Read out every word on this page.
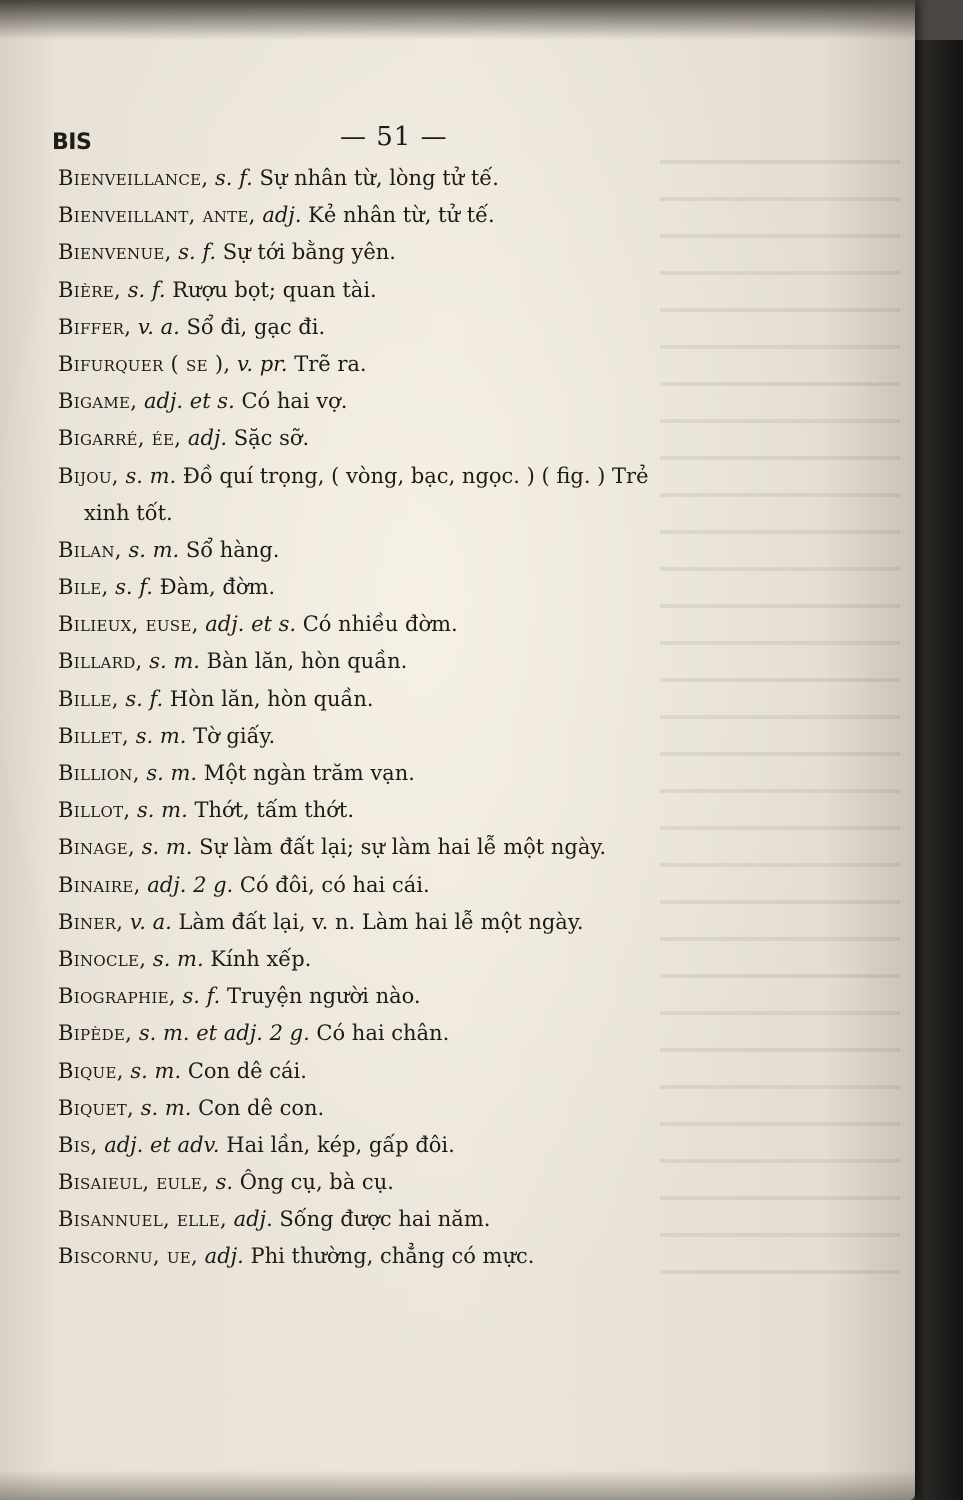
BIS	— 51 —
Bienveillance, s. f. Sự nhân từ, lòng tử tế.
Bienveillant, ante, adj. Kẻ nhân từ, tử tế.
Bienvenue, s. f. Sự tới bằng yên.
Bière, s. f. Rượu bọt; quan tài.
Biffer, v. a. Sổ đi, gạc đi.
Bifurquer ( se ), v. pr. Trẽ ra.
Bigame, adj. et s. Có hai vợ.
Bigarré, ée, adj. Sặc sỡ.
Bijou, s. m. Đồ quí trọng, ( vòng, bạc, ngọc. ) ( fig. ) Trẻ
xinh tốt.
Bilan, s. m. Sổ hàng.
Bile, s. f. Đàm, đờm.
Bilieux, euse, adj. et s. Có nhiều đờm.
Billard, s. m. Bàn lăn, hòn quần.
Bille, s. f. Hòn lăn, hòn quần.
Billet, s. m. Tờ giấy.
Billion, s. m. Một ngàn trăm vạn.
Billot, s. m. Thớt, tấm thớt.
Binage, s. m. Sự làm đất lại; sự làm hai lễ một ngày.
Binaire, adj. 2 g. Có đôi, có hai cái.
Biner, v. a. Làm đất lại, v. n. Làm hai lễ một ngày.
Binocle, s. m. Kính xếp.
Biographie, s. f. Truyện người nào.
Bipède, s. m. et adj. 2 g. Có hai chân.
Bique, s. m. Con dê cái.
Biquet, s. m. Con dê con.
Bis, adj. et adv. Hai lần, kép, gấp đôi.
Bisaieul, eule, s. Ông cụ, bà cụ.
Bisannuel, elle, adj. Sống được hai năm.
Biscornu, ue, adj. Phi thường, chẳng có mực.
